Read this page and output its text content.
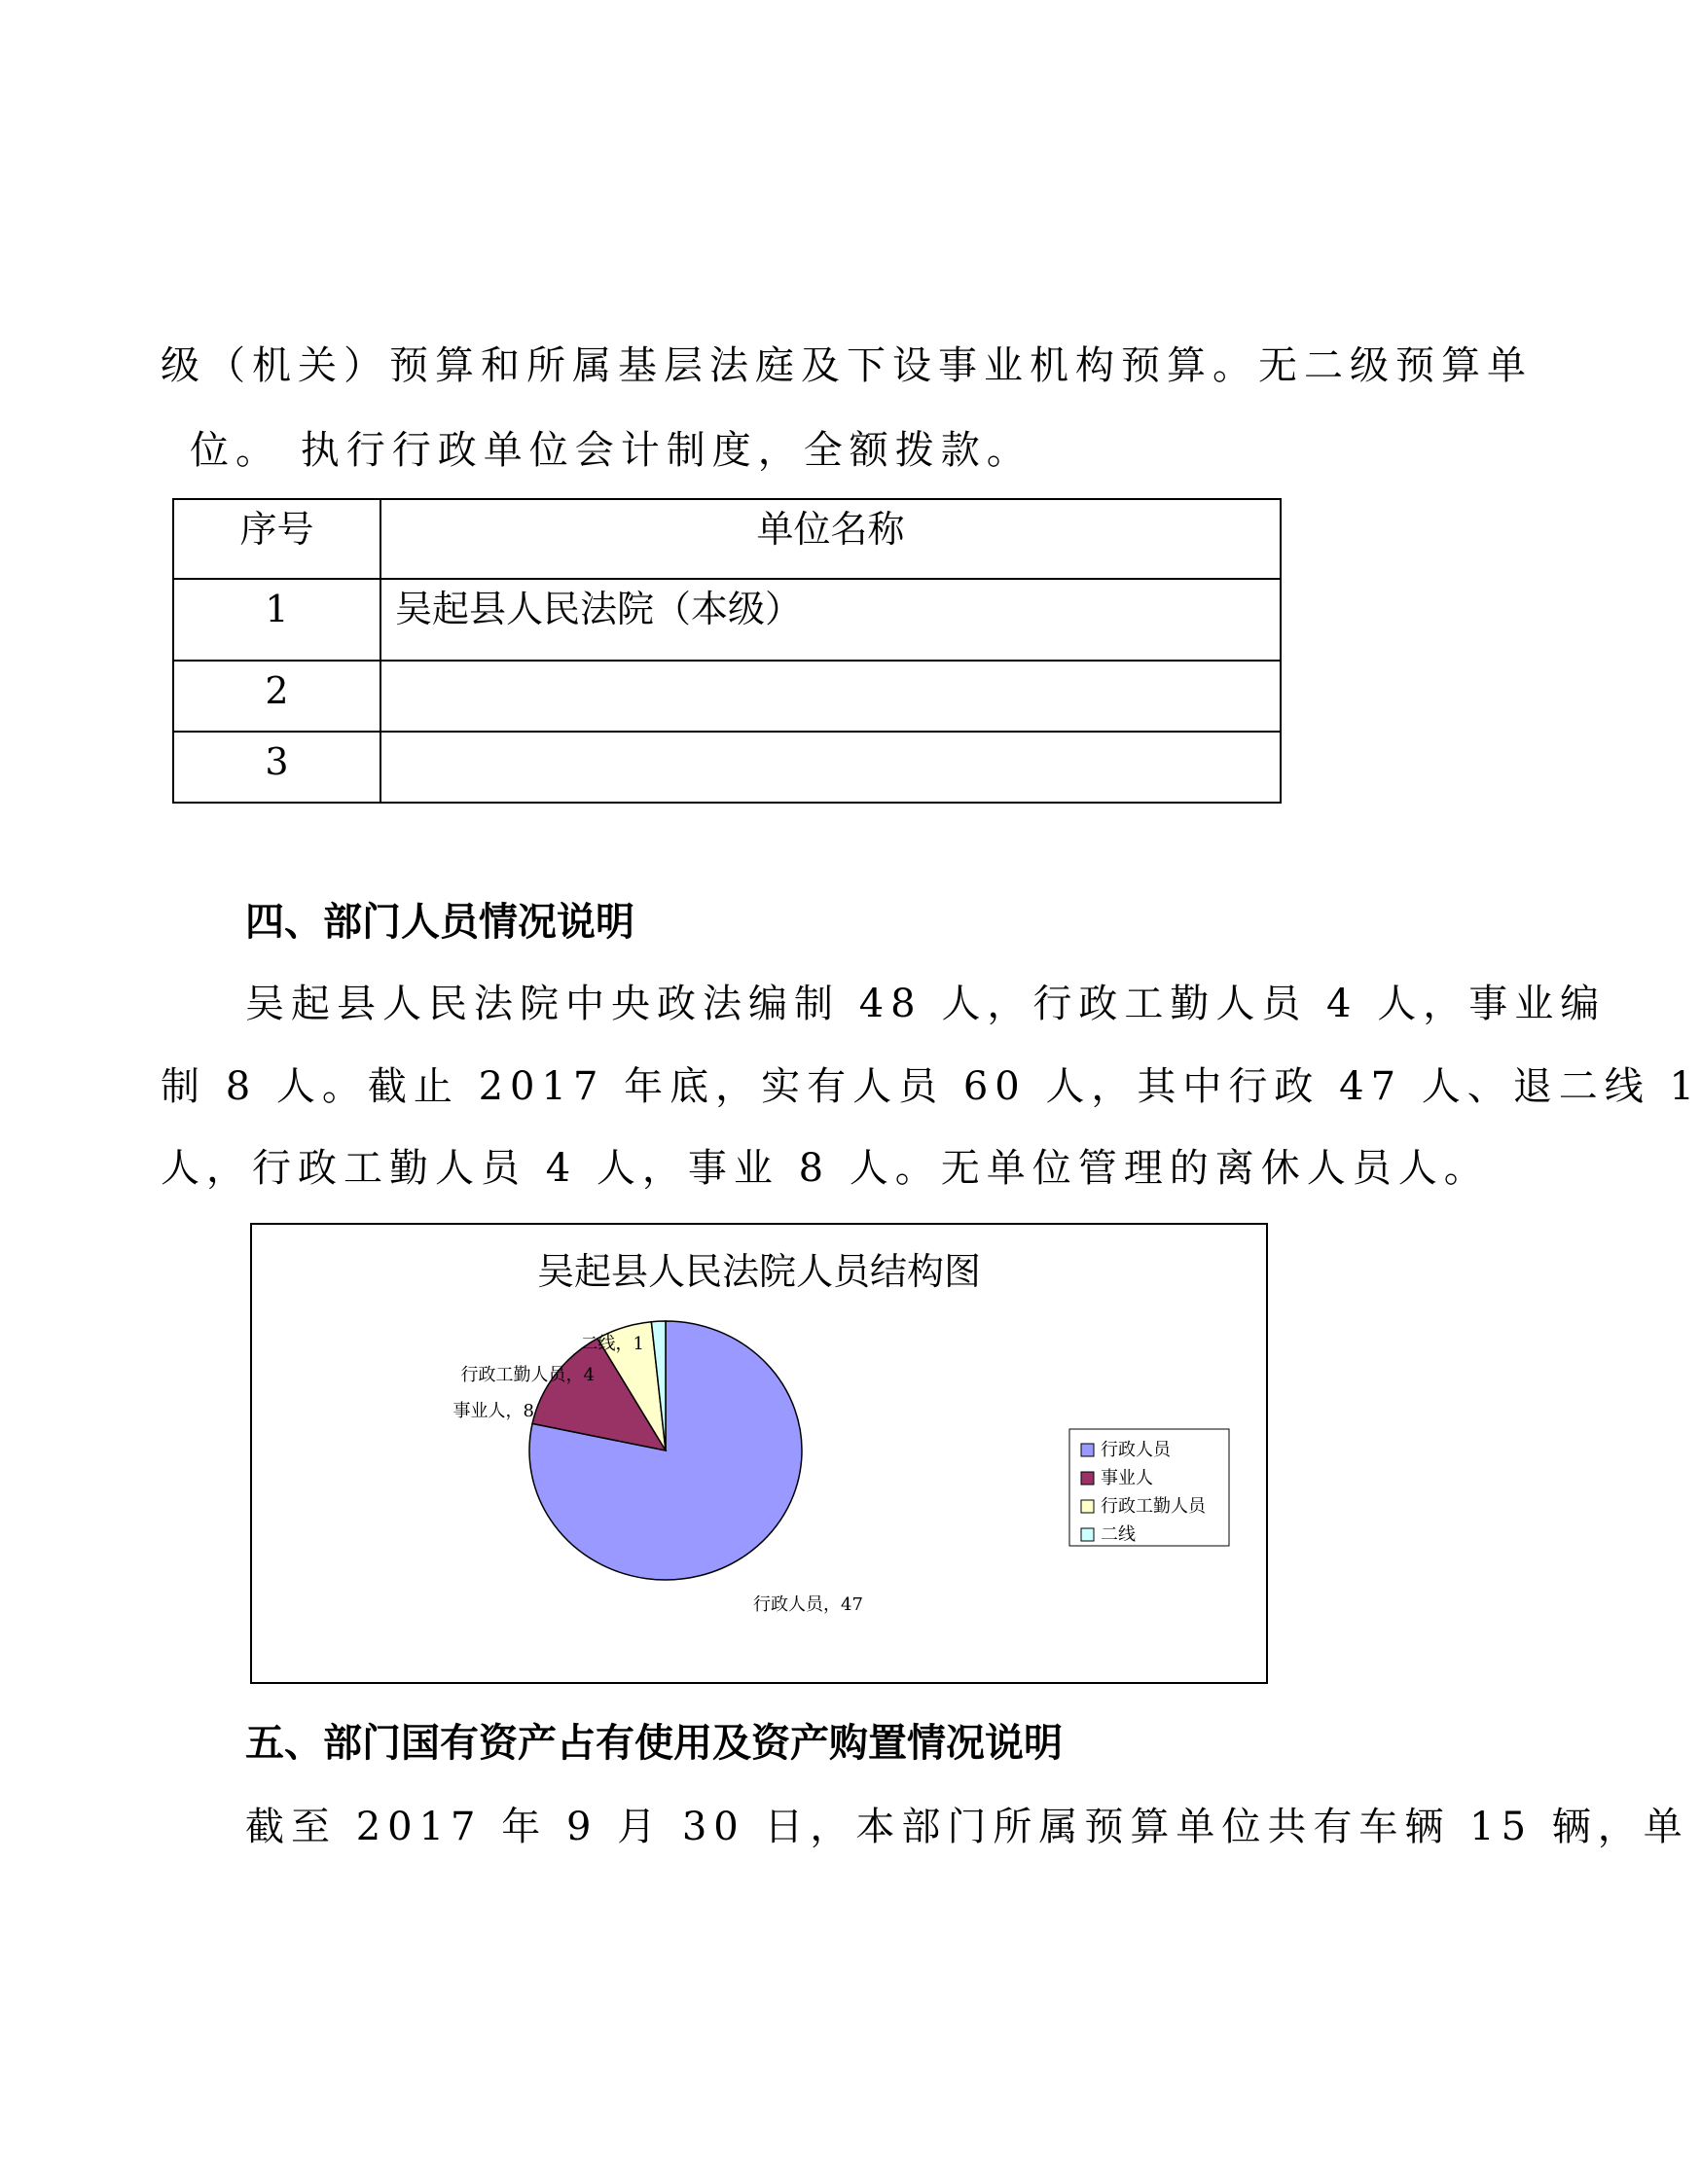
级（机关）预算和所属基层法庭及下设事业机构预算。无二级预算单
位。 执行行政单位会计制度，全额拨款。
序号	单位名称

1	吴起县人民法院（本级）

2	

3	

四、部门人员情况说明
吴起县人民法院中央政法编制 48 人，行政工勤人员 4 人，事业编
制 8 人。截止 2017 年底，实有人员 60 人，其中行政 47 人、退二线 1
人，行政工勤人员 4 人，事业 8 人。无单位管理的离休人员人。
吴起县人民法院人员结构图
行政人员，47
事业人，8
行政工勤人员，4
二线，1
行政人员
事业人
行政工勤人员
二线
五、部门国有资产占有使用及资产购置情况说明
截至 2017 年 9 月 30 日，本部门所属预算单位共有车辆 15 辆，单
